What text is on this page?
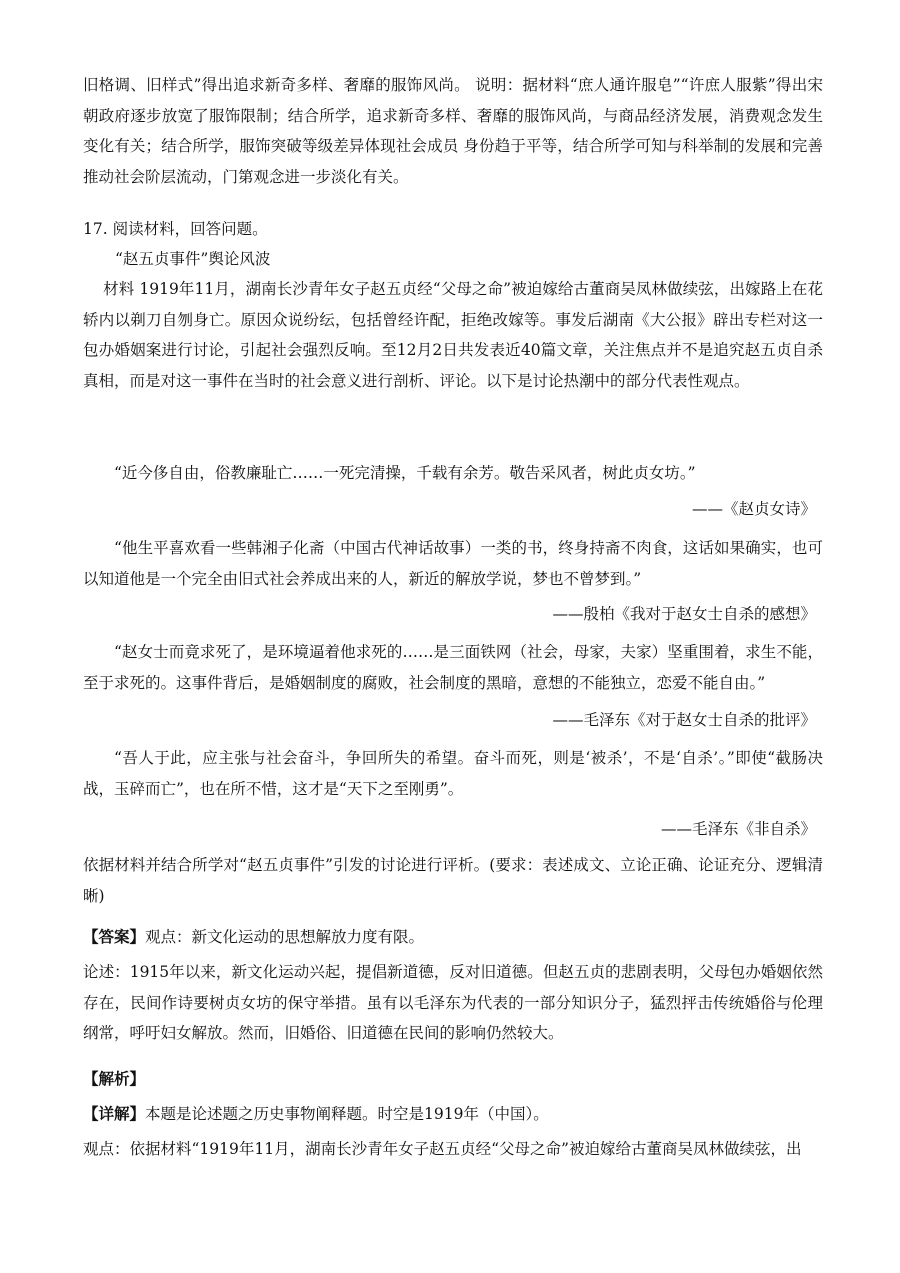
旧格调、旧样式”得出追求新奇多样、奢靡的服饰风尚。 说明：据材料“庶人通许服皂”“许庶人服紫”得出宋朝政府逐步放宽了服饰限制；结合所学，追求新奇多样、奢靡的服饰风尚，与商品经济发展，消费观念发生变化有关；结合所学，服饰突破等级差异体现社会成员 身份趋于平等，结合所学可知与科举制的发展和完善推动社会阶层流动，门第观念进一步淡化有关。

17. 阅读材料，回答问题。

“赵五贞事件”舆论风波

材料 1919年11月，湖南长沙青年女子赵五贞经“父母之命”被迫嫁给古董商吴凤林做续弦，出嫁路上在花轿内以剃刀自刎身亡。原因众说纷纭，包括曾经许配，拒绝改嫁等。事发后湖南《大公报》辟出专栏对这一包办婚姻案进行讨论，引起社会强烈反响。至12月2日共发表近40篇文章，关注焦点并不是追究赵五贞自杀真相，而是对这一事件在当时的社会意义进行剖析、评论。以下是讨论热潮中的部分代表性观点。

“近今侈自由，俗教廉耻亡……一死完清操，千载有余芳。敬告采风者，树此贞女坊。”

——《赵贞女诗》

“他生平喜欢看一些韩湘子化斋（中国古代神话故事）一类的书，终身持斋不肉食，这话如果确实，也可以知道他是一个完全由旧式社会养成出来的人，新近的解放学说，梦也不曾梦到。”

——殷柏《我对于赵女士自杀的感想》

“赵女士而竟求死了，是环境逼着他求死的……是三面铁网（社会，母家，夫家）坚重围着，求生不能，至于求死的。这事件背后，是婚姻制度的腐败，社会制度的黑暗，意想的不能独立，恋爱不能自由。”

——毛泽东《对于赵女士自杀的批评》

“吾人于此，应主张与社会奋斗，争回所失的希望。奋斗而死，则是‘被杀’，不是‘自杀’。”即使“截肠决战，玉碎而亡”，也在所不惜，这才是“天下之至刚勇”。

——毛泽东《非自杀》

依据材料并结合所学对“赵五贞事件”引发的讨论进行评析。(要求：表述成文、立论正确、论证充分、逻辑清晰)

【答案】观点：新文化运动的思想解放力度有限。

论述：1915年以来，新文化运动兴起，提倡新道德，反对旧道德。但赵五贞的悲剧表明，父母包办婚姻依然存在，民间作诗要树贞女坊的保守举措。虽有以毛泽东为代表的一部分知识分子，猛烈抨击传统婚俗与伦理纲常，呼吁妇女解放。然而，旧婚俗、旧道德在民间的影响仍然较大。

【解析】

【详解】本题是论述题之历史事物阐释题。时空是1919年（中国）。

观点：依据材料“1919年11月，湖南长沙青年女子赵五贞经“父母之命”被迫嫁给古董商吴凤林做续弦，出
